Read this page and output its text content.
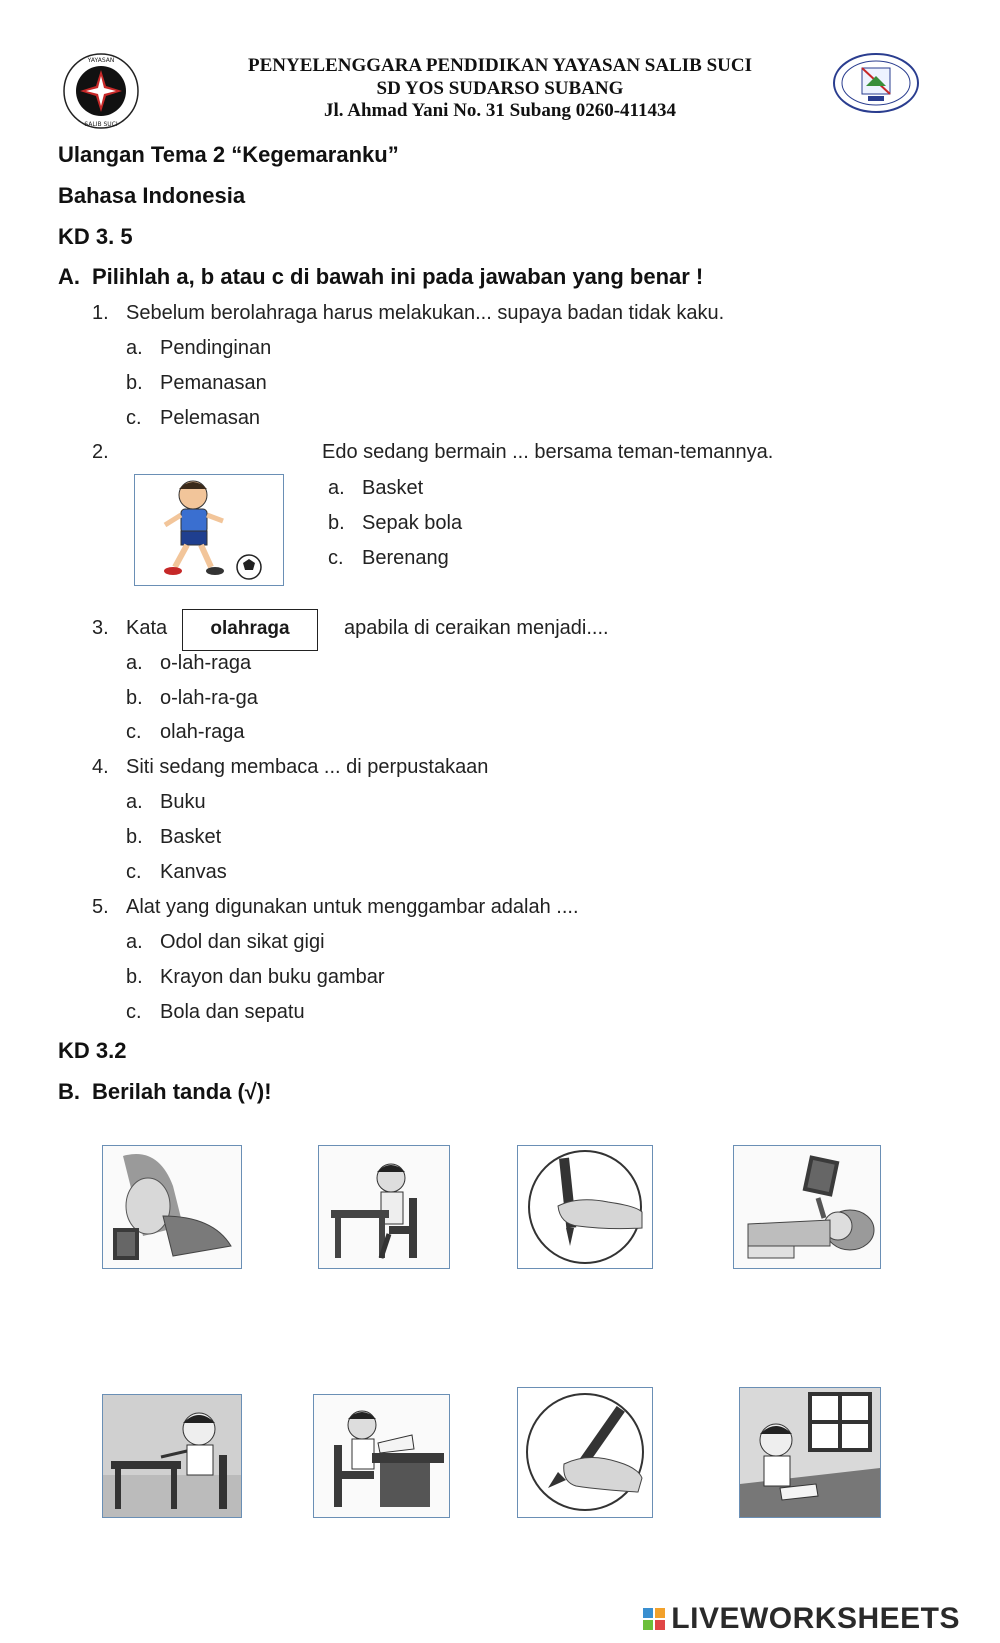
YAYASAN
SALIB SUCI
PENYELENGGARA PENDIDIKAN YAYASAN SALIB SUCI
SD YOS SUDARSO SUBANG
Jl. Ahmad Yani No. 31 Subang 0260-411434
Ulangan Tema 2 “Kegemaranku”
Bahasa Indonesia
KD 3. 5
A. Pilihlah a, b atau c di bawah ini pada jawaban yang benar !
1. Sebelum berolahraga harus melakukan... supaya badan tidak kaku.
a. Pendinginan
b. Pemanasan
c. Pelemasan
2.	Edo sedang bermain ... bersama teman-temannya.
a. Basket
b. Sepak bola
c. Berenang
3. Kata	olahraga	apabila di ceraikan menjadi....
a. o-lah-raga
b. o-lah-ra-ga
c. olah-raga
4. Siti sedang membaca ... di perpustakaan
a. Buku
b. Basket
c. Kanvas
5. Alat yang digunakan untuk menggambar adalah ....
a. Odol dan sikat gigi
b. Krayon dan buku gambar
c. Bola dan sepatu
KD 3.2
B. Berilah tanda (√)!
LIVEWORKSHEETS
